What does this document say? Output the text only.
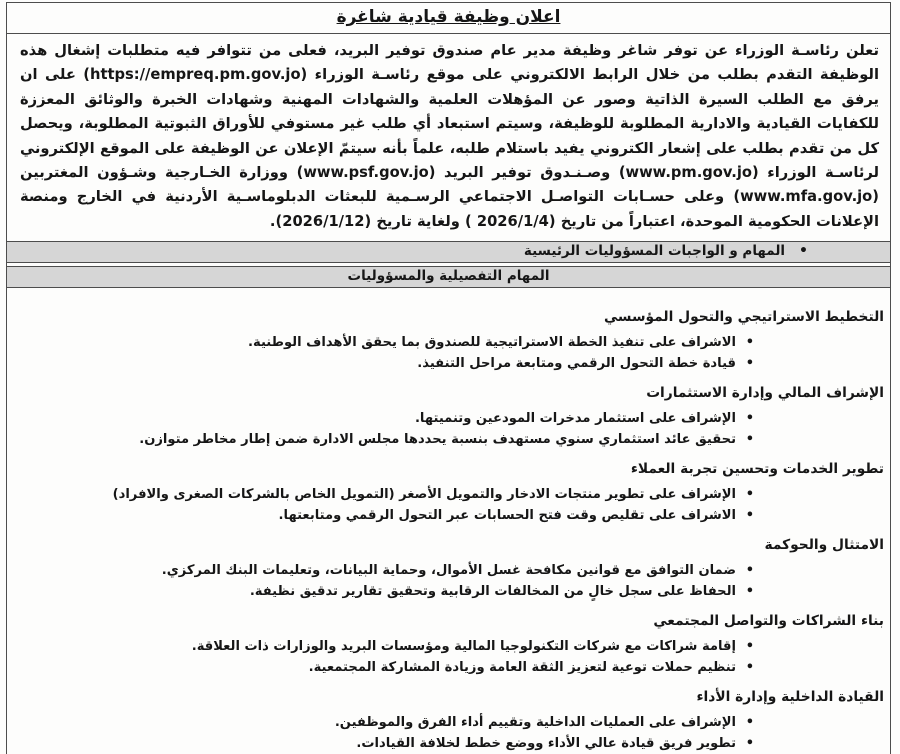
اعلان وظيفة قيادية شاغرة
تعلن رئاسـة الوزراء عن توفر شاغر وظيفة مدير عام صندوق توفير البريد، فعلى من تتوافر فيه متطلبات إشغال هذه الوظيفة التقدم بطلب من خلال الرابط الالكتروني على موقع رئاسـة الوزراء (https://empreq.pm.gov.jo) على ان يرفق مع الطلب السيرة الذاتية وصور عن المؤهلات العلمية والشهادات المهنية وشهادات الخبرة والوثائق المعززة للكفايات القيادية والادارية المطلوبة للوظيفة، وسيتم استبعاد أي طلب غير مستوفي للأوراق الثبوتية المطلوبة، ويحصل كل من تقدم بطلب على إشعار الكتروني يفيد باستلام طلبه، علماً بأنه سيتمّ الإعلان عن الوظيفة على الموقع الإلكتروني لرئاسـة الوزراء (www.pm.gov.jo) وصـنـدوق توفير البريد (www.psf.gov.jo) ووزارة الخـارجية وشـؤون المغتربين (www.mfa.gov.jo) وعلى حسـابات التواصـل الاجتماعي الرسـمية للبعثات الدبلوماسـية الأردنية في الخارج ومنصة الإعلانات الحكومية الموحدة، اعتباراً من تاريخ (2026/1/4 ) ولغاية تاريخ (2026/1/12).
• المهام و الواجبات المسؤوليات الرئيسية
المهام التفصيلية والمسؤوليات
التخطيط الاستراتيجي والتحول المؤسسي
• الاشراف على تنفيذ الخطة الاستراتيجية للصندوق بما يحقق الأهداف الوطنية.
• قيادة خطة التحول الرقمي ومتابعة مراحل التنفيذ.
الإشراف المالي وإدارة الاستثمارات
• الإشراف على استثمار مدخرات المودعين وتنميتها.
• تحقيق عائد استثماري سنوي مستهدف بنسبة يحددها مجلس الادارة ضمن إطار مخاطر متوازن.
تطوير الخدمات وتحسين تجربة العملاء
• الإشراف على تطوير منتجات الادخار والتمويل الأصغر (التمويل الخاص بالشركات الصغرى والافراد)
• الاشراف على تقليص وقت فتح الحسابات عبر التحول الرقمي ومتابعتها.
الامتثال والحوكمة
• ضمان التوافق مع قوانين مكافحة غسل الأموال، وحماية البيانات، وتعليمات البنك المركزي.
• الحفاظ على سجل خالٍ من المخالفات الرقابية وتحقيق تقارير تدقيق نظيفة.
بناء الشراكات والتواصل المجتمعي
• إقامة شراكات مع شركات التكنولوجيا المالية ومؤسسات البريد والوزارات ذات العلاقة.
• تنظيم حملات توعية لتعزيز الثقة العامة وزيادة المشاركة المجتمعية.
القيادة الداخلية وإدارة الأداء
• الإشراف على العمليات الداخلية وتقييم أداء الفرق والموظفين.
• تطوير فريق قيادة عالي الأداء ووضع خطط لخلافة القيادات.
